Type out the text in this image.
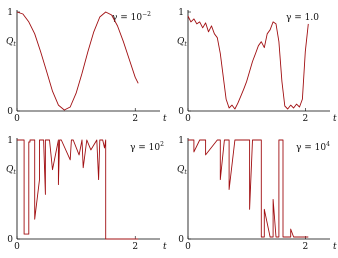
1
0
0	2	t
$Q_t$
$\gamma = 10^{-2}$	1
0
0	2	t
$Q_t$
γ = 1.0
1
0
0	2	t
$Q_t$
$\gamma = 10^2$ 1
0
0	2	t
$Q_t$
$\gamma = 10^4$
